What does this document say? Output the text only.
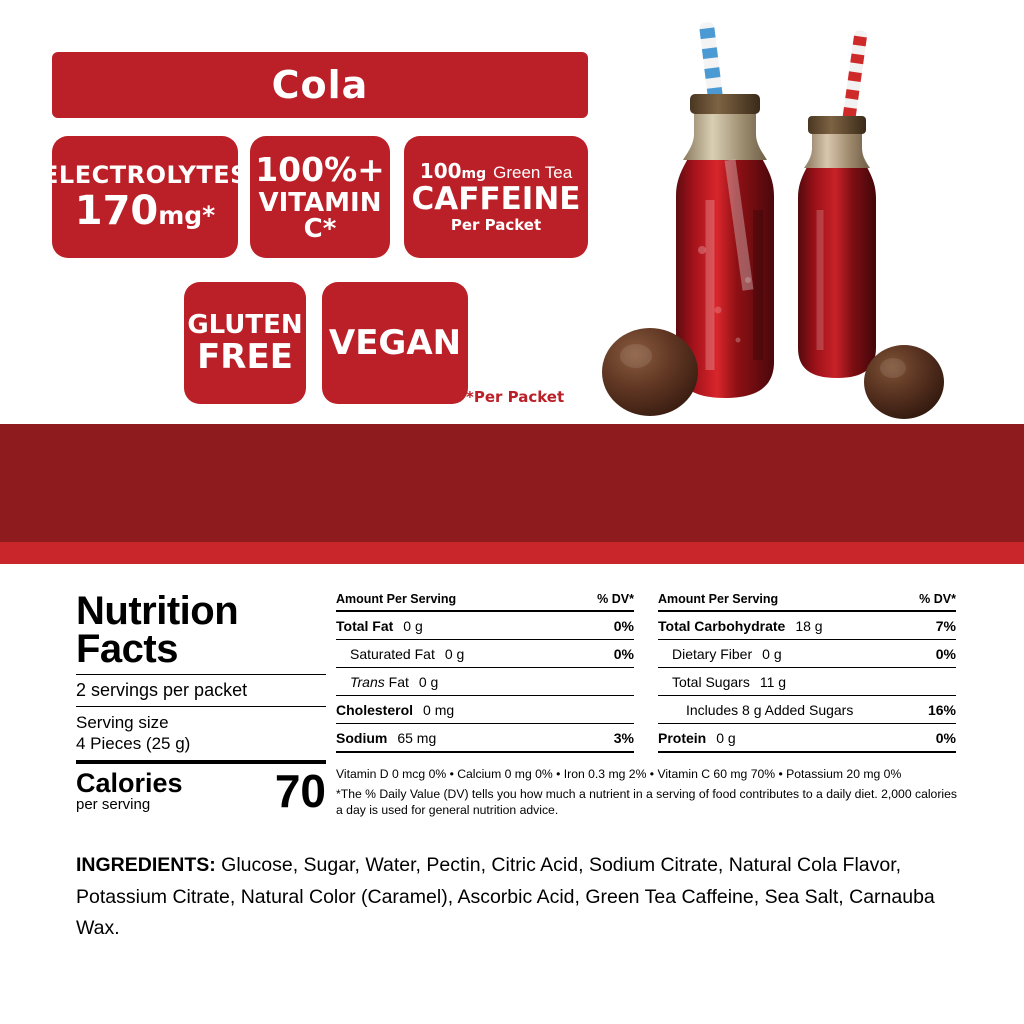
Cola
ELECTROLYTES
170mg*
100%+
VITAMIN C*
100mg Green Tea
CAFFEINE
Per Packet
GLUTEN
FREE VEGAN
*Per Packet
Nutrition
Facts
2 servings per packet
Serving size
4 Pieces (25 g)
Calories
per serving	70
Amount Per Serving	% DV*
Total Fat 0 g	0%
Saturated Fat 0 g	0%
Trans Fat 0 g
Cholesterol 0 mg
Sodium 65 mg	3%
Amount Per Serving	% DV*
Total Carbohydrate 18 g	7%
Dietary Fiber 0 g	0%
Total Sugars 11 g
Includes 8 g Added Sugars	16%
Protein 0 g	0%
Vitamin D 0 mcg 0% • Calcium 0 mg 0% • Iron 0.3 mg 2% • Vitamin C 60 mg 70% • Potassium 20 mg 0%
*The % Daily Value (DV) tells you how much a nutrient in a serving of food contributes to a daily diet. 2,000 calories a day is used for general nutrition advice.
INGREDIENTS: Glucose, Sugar, Water, Pectin, Citric Acid, Sodium Citrate, Natural Cola Flavor, Potassium Citrate, Natural Color (Caramel), Ascorbic Acid, Green Tea Caffeine, Sea Salt, Carnauba Wax.
